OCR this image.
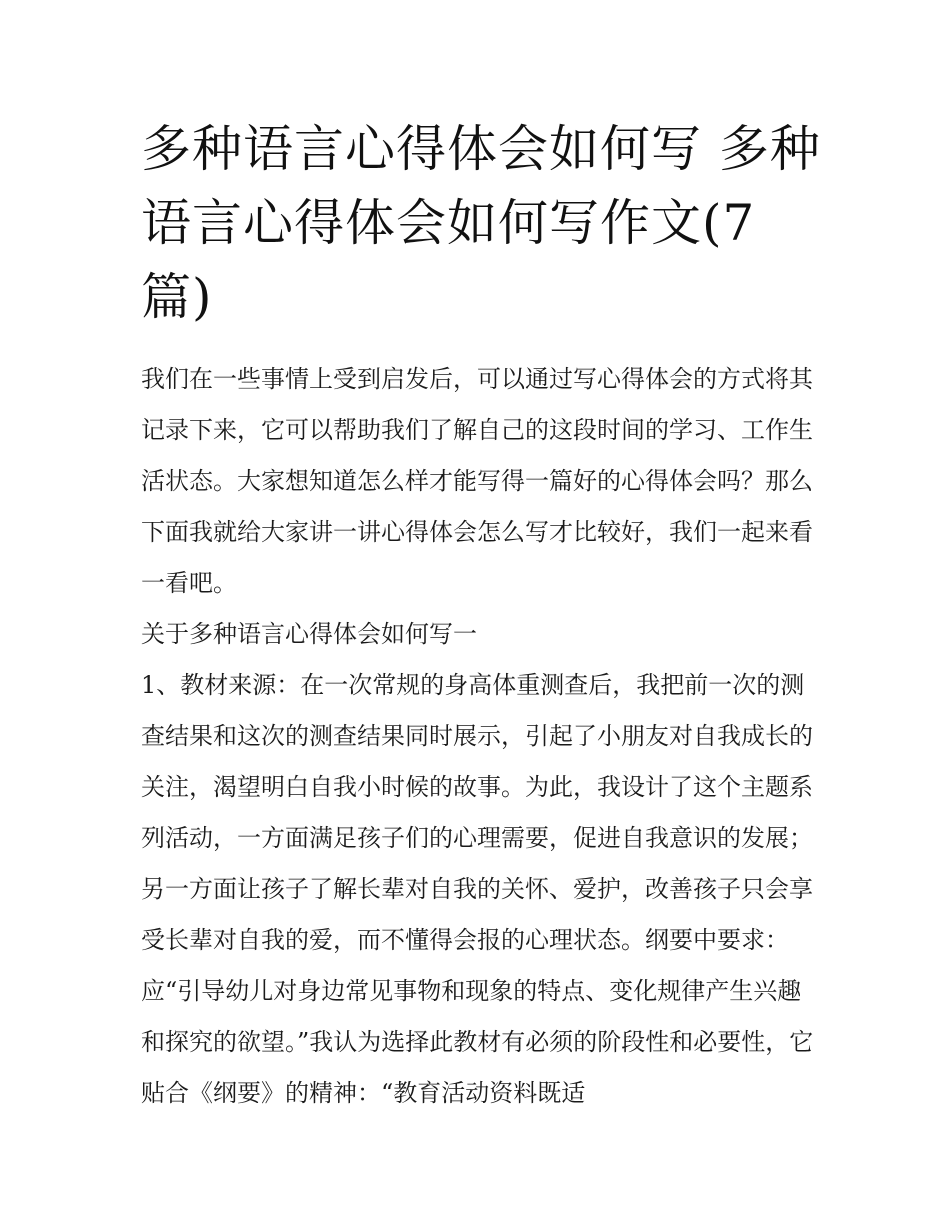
多种语言心得体会如何写 多种语言心得体会如何写作文(7篇)

我们在一些事情上受到启发后，可以通过写心得体会的方式将其记录下来，它可以帮助我们了解自己的这段时间的学习、工作生活状态。大家想知道怎么样才能写得一篇好的心得体会吗？那么下面我就给大家讲一讲心得体会怎么写才比较好，我们一起来看一看吧。

关于多种语言心得体会如何写一

1、教材来源：在一次常规的身高体重测查后，我把前一次的测查结果和这次的测查结果同时展示，引起了小朋友对自我成长的关注，渴望明白自我小时候的故事。为此，我设计了这个主题系列活动，一方面满足孩子们的心理需要，促进自我意识的发展；另一方面让孩子了解长辈对自我的关怀、爱护，改善孩子只会享受长辈对自我的爱，而不懂得会报的心理状态。纲要中要求：应“引导幼儿对身边常见事物和现象的特点、变化规律产生兴趣和探究的欲望。”我认为选择此教材有必须的阶段性和必要性，它贴合《纲要》的精神：“教育活动资料既适
